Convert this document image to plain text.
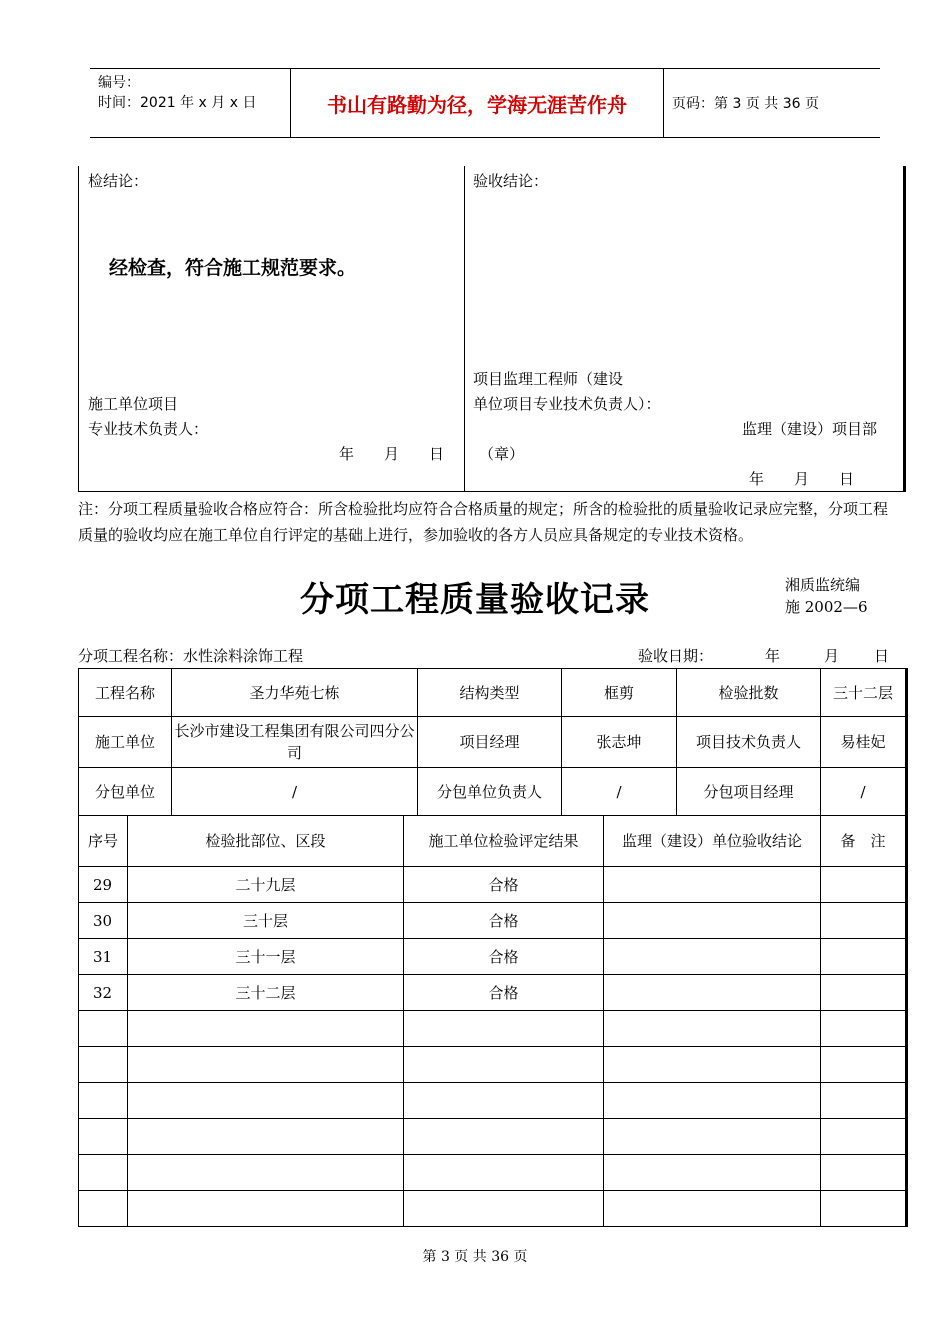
编号：
时间：2021 年 x 月 x 日	书山有路勤为径，学海无涯苦作舟	页码：第 3 页 共 36 页
检结论：
经检查，符合施工规范要求。
施工单位项目
专业技术负责人：
年　　月　　日
验收结论：
项目监理工程师（建设
单位项目专业技术负责人）：
监理（建设）项目部
（章）
年　　月　　日
注：分项工程质量验收合格应符合：所含检验批均应符合合格质量的规定；所含的检验批的质量验收记录应完整，分项工程质量的验收均应在施工单位自行评定的基础上进行，参加验收的各方人员应具备规定的专业技术资格。
分项工程质量验收记录	湘质监统编
施 2002—6
分项工程名称：水性涂料涂饰工程	验收日期：	年	月 日
工程名称	圣力华苑七栋	结构类型	框剪	检验批数	三十二层
施工单位	长沙市建设工程集团有限公司四分公司	项目经理	张志坤	项目技术负责人	易桂妃
分包单位	/	分包单位负责人	/	分包项目经理	/
序号	检验批部位、区段	施工单位检验评定结果	监理（建设）单位验收结论	备　注
29	二十九层	合格		
30	三十层	合格		
31	三十一层	合格		
32	三十二层	合格		

第 3 页 共 36 页
